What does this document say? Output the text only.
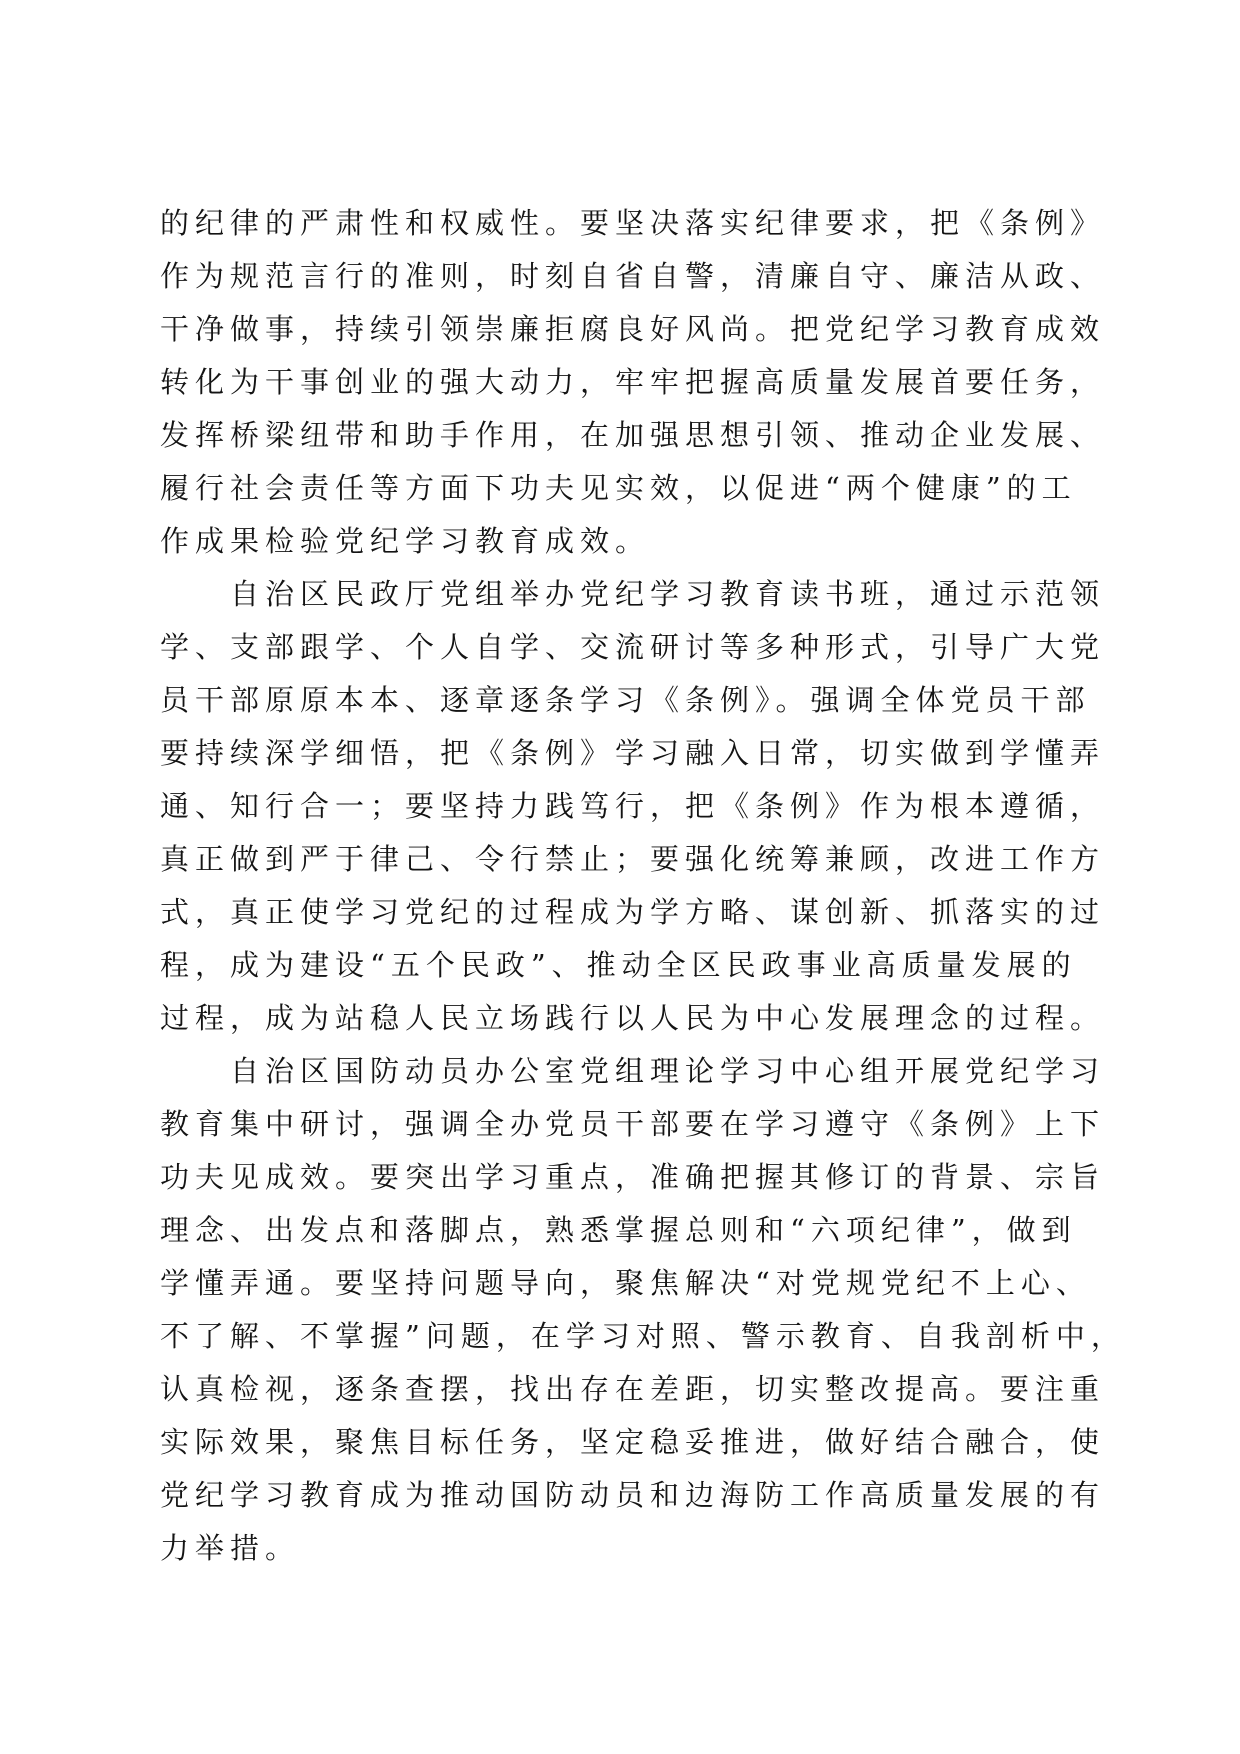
的纪律的严肃性和权威性。要坚决落实纪律要求，把《条例》
作为规范言行的准则，时刻自省自警，清廉自守、廉洁从政、
干净做事，持续引领崇廉拒腐良好风尚。把党纪学习教育成效
转化为干事创业的强大动力，牢牢把握高质量发展首要任务，
发挥桥梁纽带和助手作用，在加强思想引领、推动企业发展、
履行社会责任等方面下功夫见实效，以促进“两个健康”的工
作成果检验党纪学习教育成效。

自治区民政厅党组举办党纪学习教育读书班，通过示范领
学、支部跟学、个人自学、交流研讨等多种形式，引导广大党
员干部原原本本、逐章逐条学习《条例》。强调全体党员干部
要持续深学细悟，把《条例》学习融入日常，切实做到学懂弄
通、知行合一；要坚持力践笃行，把《条例》作为根本遵循，
真正做到严于律己、令行禁止；要强化统筹兼顾，改进工作方
式，真正使学习党纪的过程成为学方略、谋创新、抓落实的过
程，成为建设“五个民政”、推动全区民政事业高质量发展的
过程，成为站稳人民立场践行以人民为中心发展理念的过程。

自治区国防动员办公室党组理论学习中心组开展党纪学习
教育集中研讨，强调全办党员干部要在学习遵守《条例》上下
功夫见成效。要突出学习重点，准确把握其修订的背景、宗旨
理念、出发点和落脚点，熟悉掌握总则和“六项纪律”，做到
学懂弄通。要坚持问题导向，聚焦解决“对党规党纪不上心、
不了解、不掌握”问题，在学习对照、警示教育、自我剖析中，
认真检视，逐条查摆，找出存在差距，切实整改提高。要注重
实际效果，聚焦目标任务，坚定稳妥推进，做好结合融合，使
党纪学习教育成为推动国防动员和边海防工作高质量发展的有
力举措。
